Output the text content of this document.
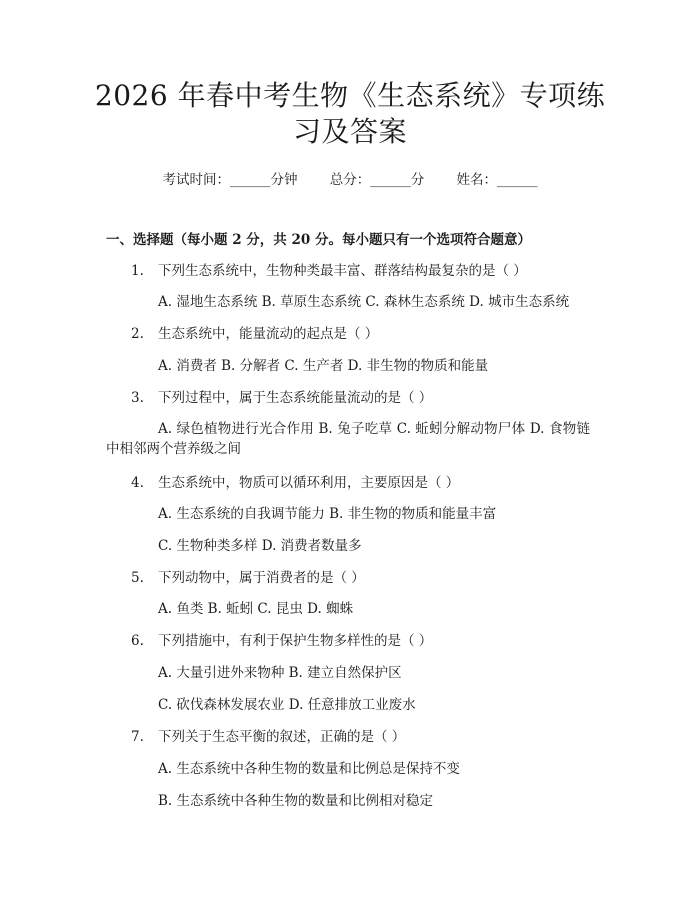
2026 年春中考生物《生态系统》专项练习及答案
考试时间：______分钟 总分：______分 姓名：______
一、选择题（每小题 2 分，共 20 分。每小题只有一个选项符合题意）
1. 下列生态系统中，生物种类最丰富、群落结构最复杂的是（ ）
A. 湿地生态系统 B. 草原生态系统 C. 森林生态系统 D. 城市生态系统
2. 生态系统中，能量流动的起点是（ ）
A. 消费者 B. 分解者 C. 生产者 D. 非生物的物质和能量
3. 下列过程中，属于生态系统能量流动的是（ ）
A. 绿色植物进行光合作用 B. 兔子吃草 C. 蚯蚓分解动物尸体 D. 食物链中相邻两个营养级之间
4. 生态系统中，物质可以循环利用，主要原因是（ ）
A. 生态系统的自我调节能力 B. 非生物的物质和能量丰富
C. 生物种类多样 D. 消费者数量多
5. 下列动物中，属于消费者的是（ ）
A. 鱼类 B. 蚯蚓 C. 昆虫 D. 蜘蛛
6. 下列措施中，有利于保护生物多样性的是（ ）
A. 大量引进外来物种 B. 建立自然保护区
C. 砍伐森林发展农业 D. 任意排放工业废水
7. 下列关于生态平衡的叙述，正确的是（ ）
A. 生态系统中各种生物的数量和比例总是保持不变
B. 生态系统中各种生物的数量和比例相对稳定
